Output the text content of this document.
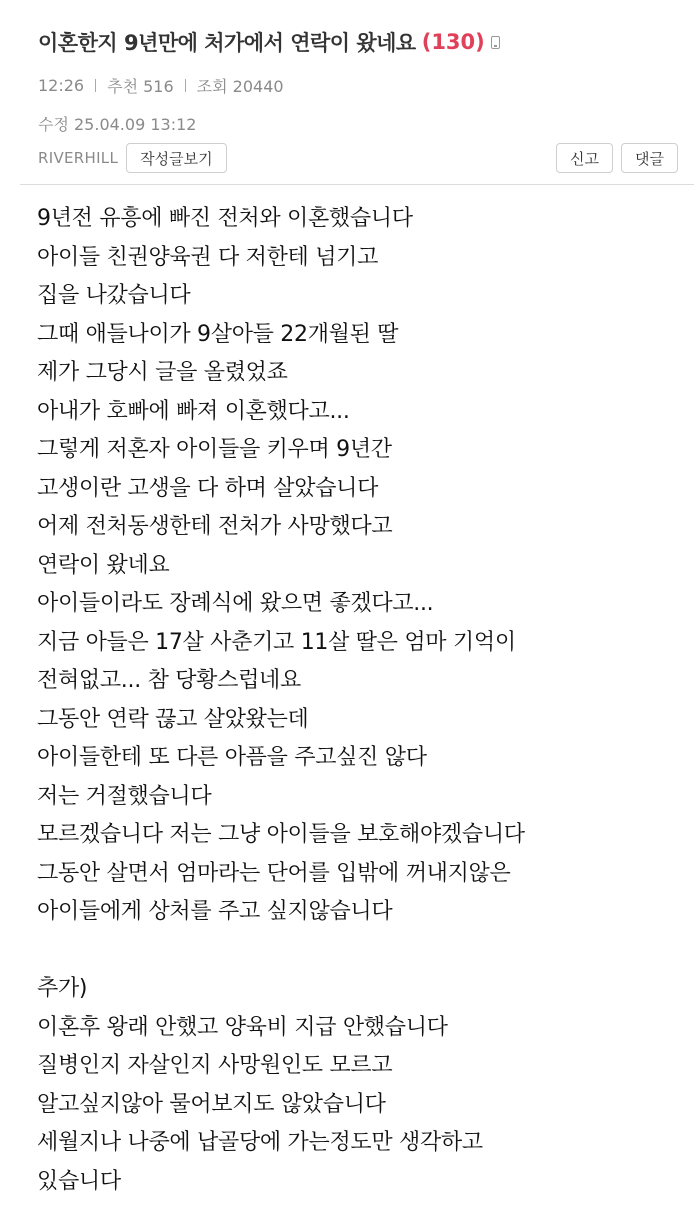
이혼한지 9년만에 처가에서 연락이 왔네요 (130)
12:26 추천 516 조회 20440
수정 25.04.09 13:12
RIVERHILL	작성글보기	신고	댓글
9년전 유흥에 빠진 전처와 이혼했습니다
아이들 친권양육권 다 저한테 넘기고
집을 나갔습니다
그때 애들나이가 9살아들 22개월된 딸
제가 그당시 글을 올렸었죠
아내가 호빠에 빠져 이혼했다고...
그렇게 저혼자 아이들을 키우며 9년간
고생이란 고생을 다 하며 살았습니다
어제 전처동생한테 전처가 사망했다고
연락이 왔네요
아이들이라도 장례식에 왔으면 좋겠다고...
지금 아들은 17살 사춘기고 11살 딸은 엄마 기억이
전혀없고... 참 당황스럽네요
그동안 연락 끊고 살았왔는데
아이들한테 또 다른 아픔을 주고싶진 않다
저는 거절했습니다
모르겠습니다 저는 그냥 아이들을 보호해야겠습니다
그동안 살면서 엄마라는 단어를 입밖에 꺼내지않은
아이들에게 상처를 주고 싶지않습니다
추가)
이혼후 왕래 안했고 양육비 지급 안했습니다
질병인지 자살인지 사망원인도 모르고
알고싶지않아 물어보지도 않았습니다
세월지나 나중에 납골당에 가는정도만 생각하고
있습니다
